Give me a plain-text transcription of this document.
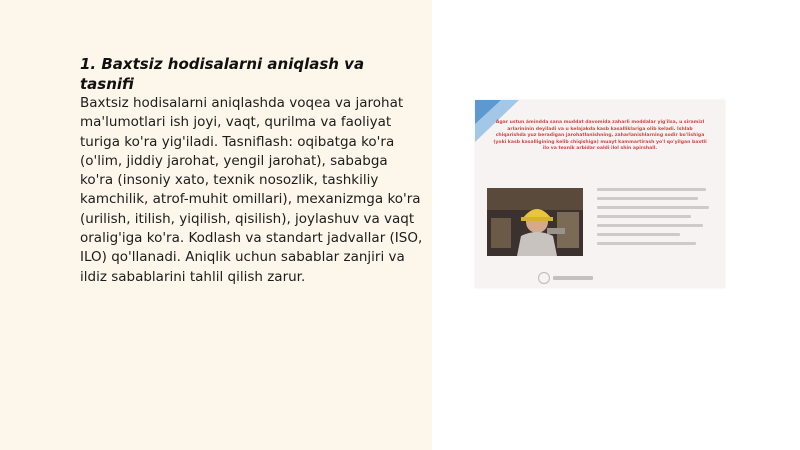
1. Baxtsiz hodisalarni aniqlash va tasnifi

Baxtsiz hodisalarni aniqlashda voqea va jarohat ma'lumotlari ish joyi, vaqt, qurilma va faoliyat turiga ko'ra yig'iladi. Tasniflash: oqibatga ko'ra (o'lim, jiddiy jarohat, yengil jarohat), sababga ko'ra (insoniy xato, texnik nosozlik, tashkiliy kamchilik, atrof-muhit omillari), mexanizmga ko'ra (urilish, itilish, yiqilish, qisilish), joylashuv va vaqt oralig'iga ko'ra. Kodlash va standart jadvallar (ISO, ILO) qo'llanadi. Aniqlik uchun sabablar zanjiri va ildiz sabablarini tahlil qilish zarur.

Agar ustun ámindda sana muddat davomida zaharli moddalar yig'ilsa, u siramizl arlarininin deyiladi va u kelajakda kasb kasalliklariga olib keladi. Ishlab chiqarishda yuz beradigan jarohatlanishning, zaharlanishlarning sodir bo'lishiga (yoki kasb kasalligining kelib chiqishiga) muayt kammartirash yo'l qo'yilgan baxtli ilo va texnik arbidar oaldi ilol shin apirshall.
